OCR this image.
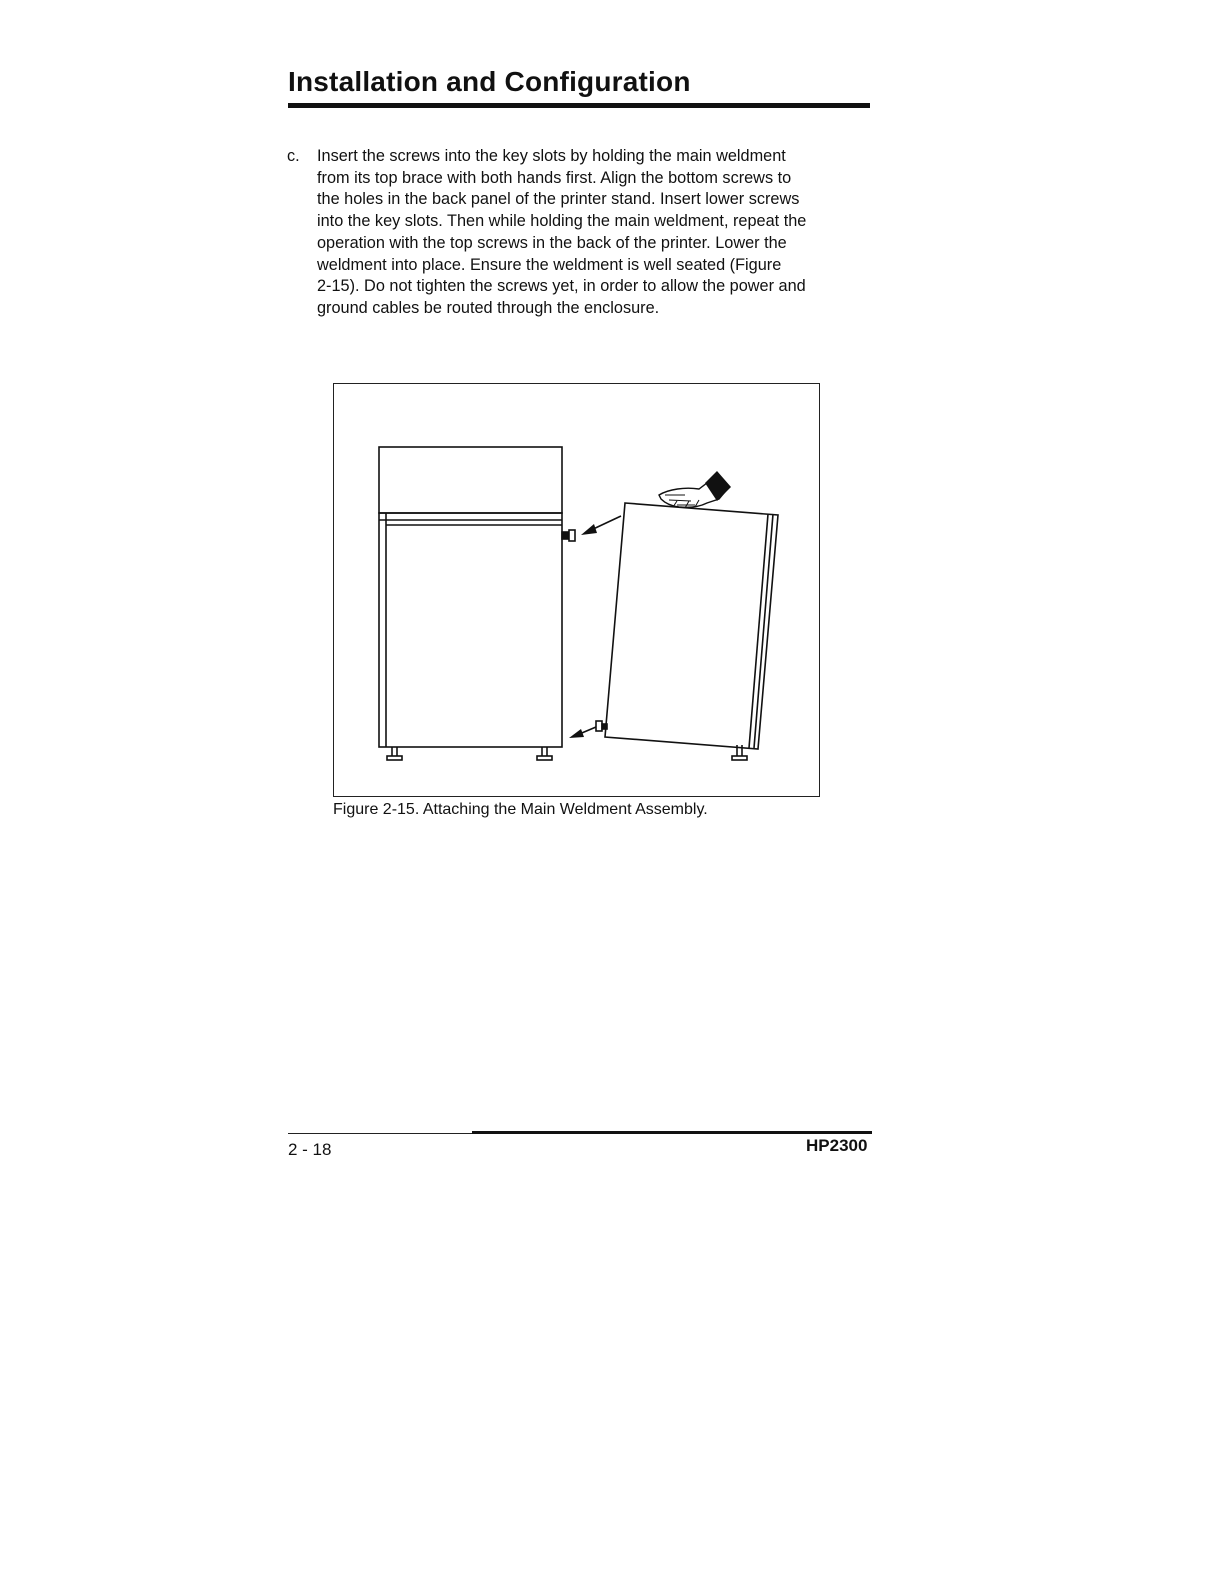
Installation and Configuration
c. Insert the screws into the key slots by holding the main weldment
from its top brace with both hands first. Align the bottom screws to
the holes in the back panel of the printer stand. Insert lower screws
into the key slots. Then while holding the main weldment, repeat the
operation with the top screws in the back of the printer. Lower the
weldment into place. Ensure the weldment is well seated (Figure
2-15). Do not tighten the screws yet, in order to allow the power and
ground cables be routed through the enclosure.
Figure 2-15. Attaching the Main Weldment Assembly.
2 - 18	HP2300
